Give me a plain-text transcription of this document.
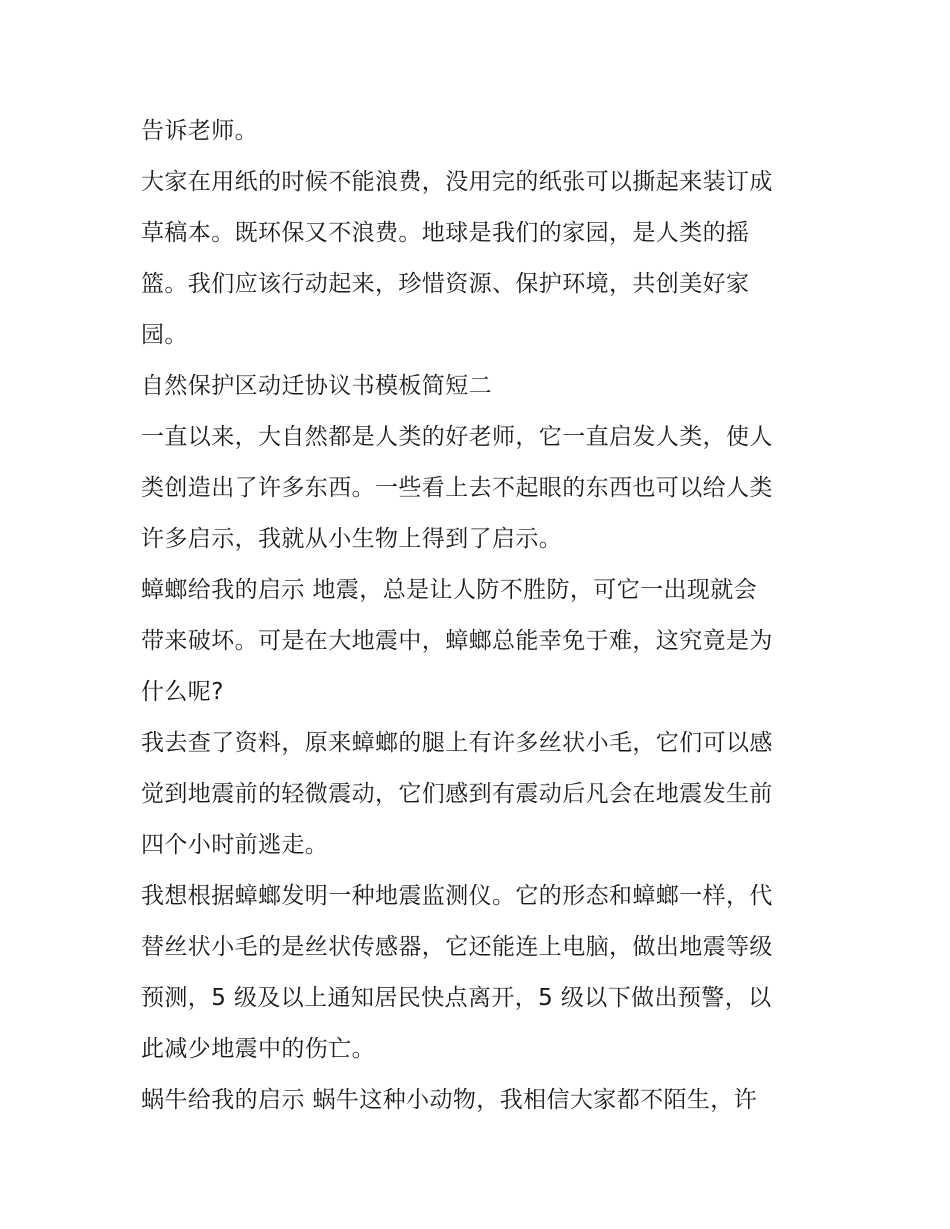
告诉老师。
大家在用纸的时候不能浪费，没用完的纸张可以撕起来装订成
草稿本。既环保又不浪费。地球是我们的家园，是人类的摇
篮。我们应该行动起来，珍惜资源、保护环境，共创美好家
园。
自然保护区动迁协议书模板简短二
一直以来，大自然都是人类的好老师，它一直启发人类，使人
类创造出了许多东西。一些看上去不起眼的东西也可以给人类
许多启示，我就从小生物上得到了启示。
蟑螂给我的启示 地震，总是让人防不胜防，可它一出现就会
带来破坏。可是在大地震中，蟑螂总能幸免于难，这究竟是为
什么呢?
我去查了资料，原来蟑螂的腿上有许多丝状小毛，它们可以感
觉到地震前的轻微震动，它们感到有震动后凡会在地震发生前
四个小时前逃走。
我想根据蟑螂发明一种地震监测仪。它的形态和蟑螂一样，代
替丝状小毛的是丝状传感器，它还能连上电脑，做出地震等级
预测，5 级及以上通知居民快点离开，5 级以下做出预警，以
此减少地震中的伤亡。
蜗牛给我的启示 蜗牛这种小动物，我相信大家都不陌生，许
